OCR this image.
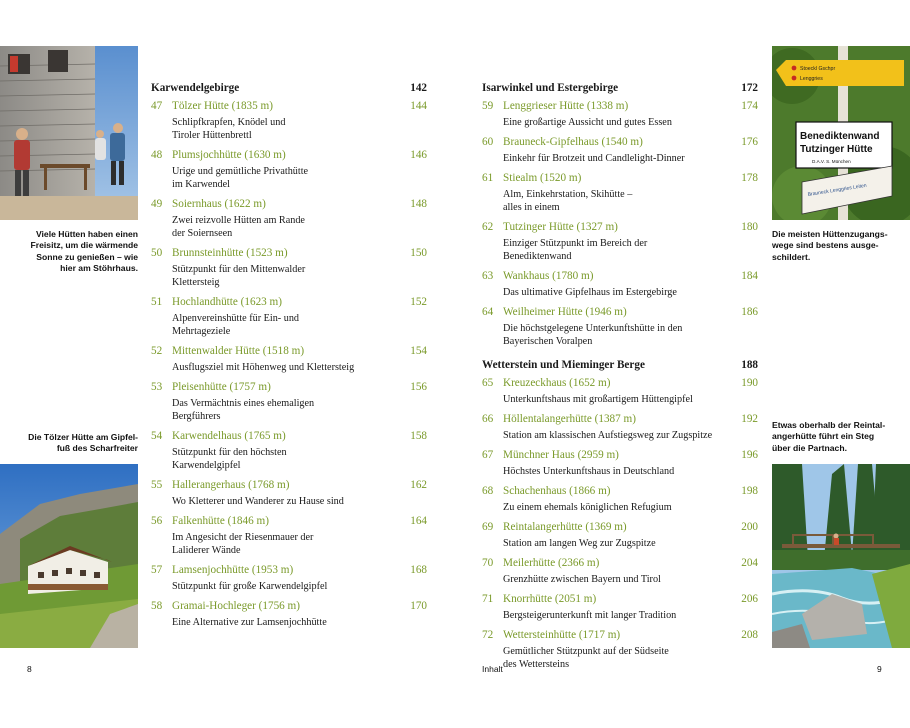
Viele Hütten haben einen
Freisitz, um die wärmende
Sonne zu genießen – wie
hier am Stöhrhaus.
Die Tölzer Hütte am Gipfel-
fuß des Scharfreiter
Stoeckl Gschpr
Lenggries
Benediktenwand
Tutzinger Hütte
D.A.V. S. München
Brauneck Lenggries Leiten
Die meisten Hüttenzugangs-
wege sind bestens ausge-
schildert.
Etwas oberhalb der Reintal-
angerhütte führt ein Steg
über die Partnach.
Karwendelgebirge	142
47 Tölzer Hütte (1835 m)	144
Schlipfkrapfen, Knödel und
Tiroler Hüttenbrettl
48 Plumsjochhütte (1630 m)	146
Urige und gemütliche Privathütte
im Karwendel
49 Soiernhaus (1622 m)	148
Zwei reizvolle Hütten am Rande
der Soiernseen
50 Brunnsteinhütte (1523 m)	150
Stützpunkt für den Mittenwalder
Klettersteig
51 Hochlandhütte (1623 m)	152
Alpenvereinshütte für Ein- und
Mehrtageziele
52 Mittenwalder Hütte (1518 m)	154
Ausflugsziel mit Höhenweg und Klettersteig
53 Pleisenhütte (1757 m)	156
Das Vermächtnis eines ehemaligen
Bergführers
54 Karwendelhaus (1765 m)	158
Stützpunkt für den höchsten
Karwendelgipfel
55 Hallerangerhaus (1768 m)	162
Wo Kletterer und Wanderer zu Hause sind
56 Falkenhütte (1846 m)	164
Im Angesicht der Riesenmauer der
Laliderer Wände
57 Lamsenjochhütte (1953 m)	168
Stützpunkt für große Karwendelgipfel
58 Gramai-Hochleger (1756 m)	170
Eine Alternative zur Lamsenjochhütte
Isarwinkel und Estergebirge	172
59 Lenggrieser Hütte (1338 m)	174
Eine großartige Aussicht und gutes Essen
60 Brauneck-Gipfelhaus (1540 m)	176
Einkehr für Brotzeit und Candlelight-Dinner
61 Stiealm (1520 m)	178
Alm, Einkehrstation, Skihütte –
alles in einem
62 Tutzinger Hütte (1327 m)	180
Einziger Stützpunkt im Bereich der
Benediktenwand
63 Wankhaus (1780 m)	184
Das ultimative Gipfelhaus im Estergebirge
64 Weilheimer Hütte (1946 m)	186
Die höchstgelegene Unterkunftshütte in den
Bayerischen Voralpen
Wetterstein und Mieminger Berge	188
65 Kreuzeckhaus (1652 m)	190
Unterkunftshaus mit großartigem Hüttengipfel
66 Höllentalangerhütte (1387 m)	192
Station am klassischen Aufstiegsweg zur Zugspitze
67 Münchner Haus (2959 m)	196
Höchstes Unterkunftshaus in Deutschland
68 Schachenhaus (1866 m)	198
Zu einem ehemals königlichen Refugium
69 Reintalangerhütte (1369 m)	200
Station am langen Weg zur Zugspitze
70 Meilerhütte (2366 m)	204
Grenzhütte zwischen Bayern und Tirol
71 Knorrhütte (2051 m)	206
Bergsteigerunterkunft mit langer Tradition
72 Wettersteinhütte (1717 m)	208
Gemütlicher Stützpunkt auf der Südseite
des Wettersteins
8	Inhalt	9
